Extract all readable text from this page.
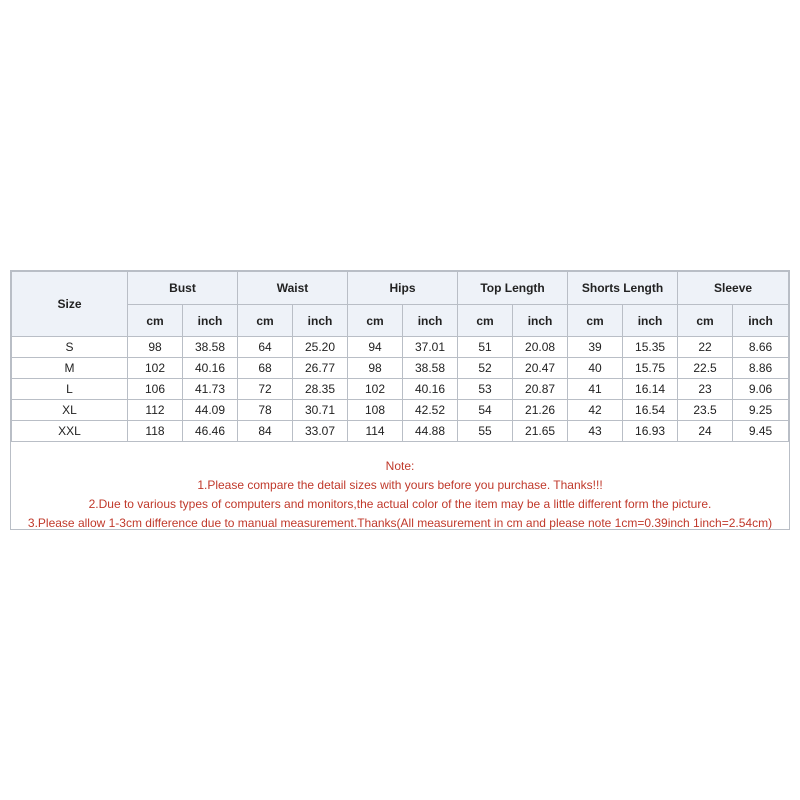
Size	Bust		Waist		Hips		Top Length		Shorts Length		Sleeve	
	cm	inch	cm	inch	cm	inch	cm	inch	cm	inch	cm	inch
S	98	38.58	64	25.20	94	37.01	51	20.08	39	15.35	22	8.66
M	102	40.16	68	26.77	98	38.58	52	20.47	40	15.75	22.5	8.86
L	106	41.73	72	28.35	102	40.16	53	20.87	41	16.14	23	9.06
XL	112	44.09	78	30.71	108	42.52	54	21.26	42	16.54	23.5	9.25
XXL	118	46.46	84	33.07	114	44.88	55	21.65	43	16.93	24	9.45
Note:
1.Please compare the detail sizes with yours before you purchase. Thanks!!!
2.Due to various types of computers and monitors,the actual color of the item may be a little different form the picture.
3.Please allow 1-3cm difference due to manual measurement.Thanks(All measurement in cm and please note 1cm=0.39inch 1inch=2.54cm)
